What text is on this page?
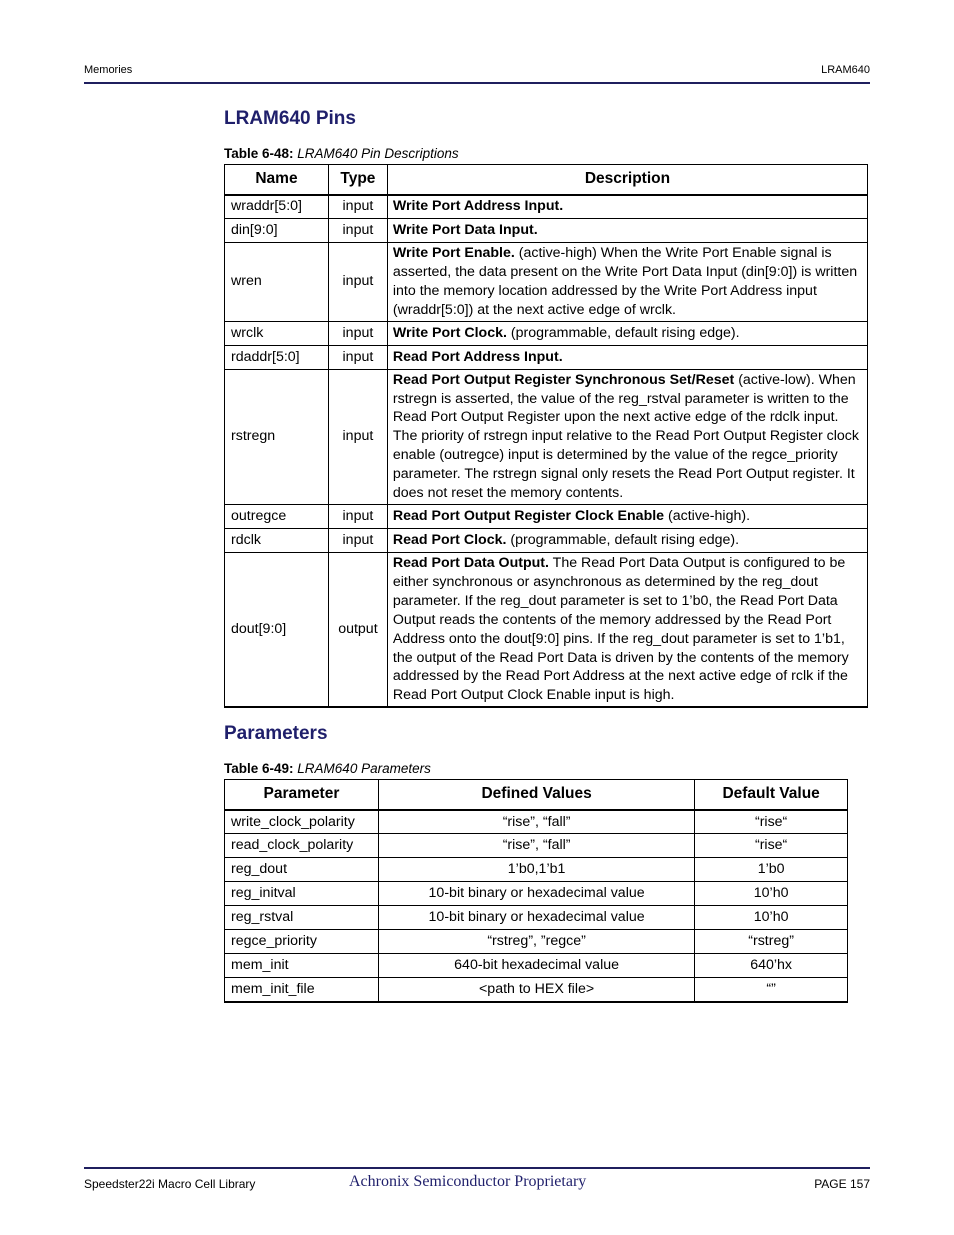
Memories	LRAM640
LRAM640 Pins
Table 6-48: LRAM640 Pin Descriptions
Name	Type	Description
wraddr[5:0]	input	Write Port Address Input.
din[9:0]	input	Write Port Data Input.
wren	input	Write Port Enable. (active-high) When the Write Port Enable signal is asserted, the data present on the Write Port Data Input (din[9:0]) is written into the memory location addressed by the Write Port Address input (wraddr[5:0]) at the next active edge of wrclk.
wrclk	input	Write Port Clock. (programmable, default rising edge).
rdaddr[5:0]	input	Read Port Address Input.
rstregn	input	Read Port Output Register Synchronous Set/Reset (active-low). When rstregn is asserted, the value of the reg_rstval parameter is written to the Read Port Output Register upon the next active edge of the rdclk input. The priority of rstregn input relative to the Read Port Output Register clock enable (outregce) input is determined by the value of the regce_priority parameter. The rstregn signal only resets the Read Port Output register. It does not reset the memory contents.
outregce	input	Read Port Output Register Clock Enable (active-high).
rdclk	input	Read Port Clock. (programmable, default rising edge).
dout[9:0]	output	Read Port Data Output. The Read Port Data Output is configured to be either synchronous or asynchronous as determined by the reg_dout parameter. If the reg_dout parameter is set to 1’b0, the Read Port Data Output reads the contents of the memory addressed by the Read Port Address onto the dout[9:0] pins. If the reg_dout parameter is set to 1’b1, the output of the Read Port Data is driven by the contents of the memory addressed by the Read Port Address at the next active edge of rclk if the Read Port Output Clock Enable input is high.
Parameters
Table 6-49: LRAM640 Parameters
Parameter	Defined Values	Default Value
write_clock_polarity	“rise”, “fall”	“rise“
read_clock_polarity	“rise”, “fall”	“rise“
reg_dout	1’b0,1’b1	1’b0
reg_initval	10-bit binary or hexadecimal value	10’h0
reg_rstval	10-bit binary or hexadecimal value	10’h0
regce_priority	“rstreg”, ”regce”	“rstreg”
mem_init	640-bit hexadecimal value	640’hx
mem_init_file	<path to HEX file>	“”
Speedster22i Macro Cell Library	Achronix Semiconductor Proprietary	PAGE 157
